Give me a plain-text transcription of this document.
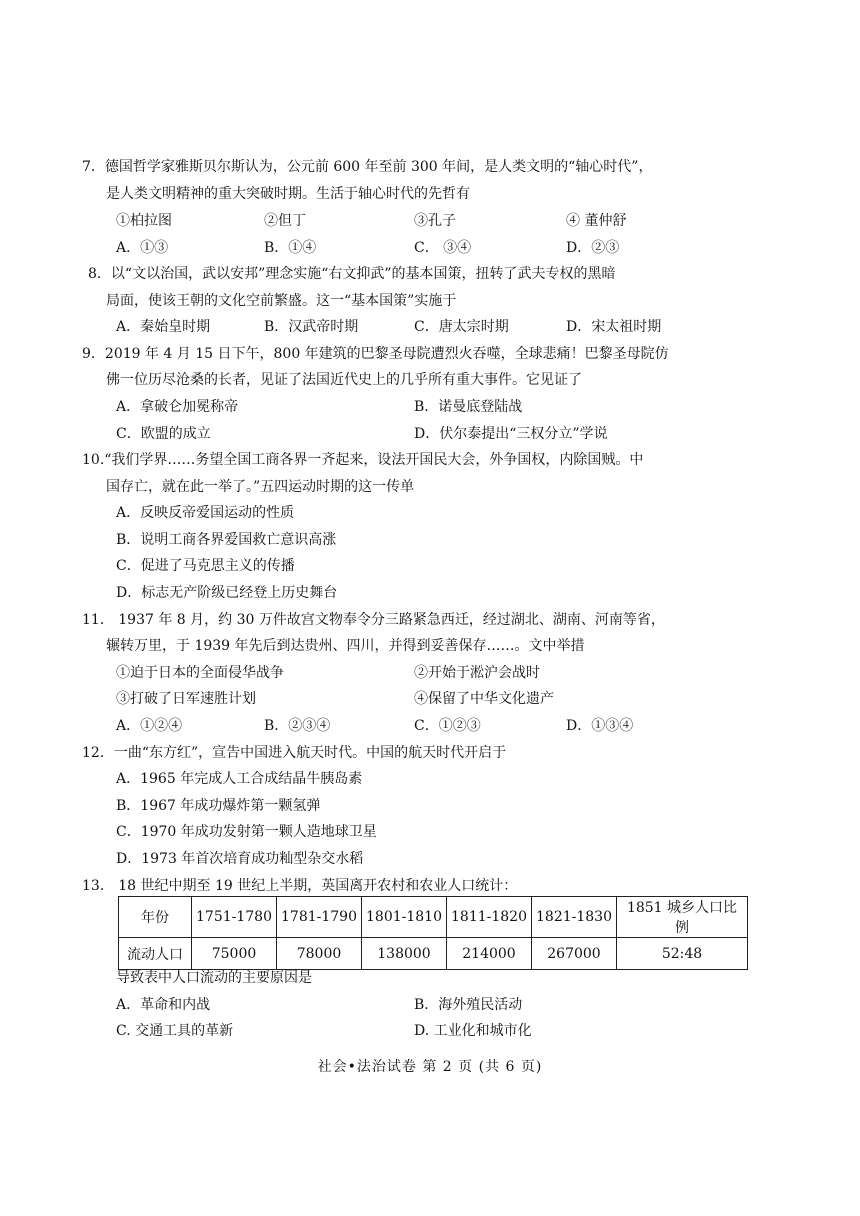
7．德国哲学家雅斯贝尔斯认为，公元前 600 年至前 300 年间，是人类文明的“轴心时代”，
是人类文明精神的重大突破时期。生活于轴心时代的先哲有
①柏拉图	②但丁	③孔子	④ 董仲舒
A．①③	B．①④	C． ③④	D．②③
8．以“文以治国，武以安邦”理念实施“右文抑武”的基本国策，扭转了武夫专权的黑暗
局面，使该王朝的文化空前繁盛。这一“基本国策”实施于
A．秦始皇时期	B．汉武帝时期	C．唐太宗时期	D．宋太祖时期
9．2019 年 4 月 15 日下午，800 年建筑的巴黎圣母院遭烈火吞噬，全球悲痛！巴黎圣母院仿
佛一位历尽沧桑的长者，见证了法国近代史上的几乎所有重大事件。它见证了
A．拿破仑加冕称帝	B．诺曼底登陆战
C．欧盟的成立	D．伏尔泰提出“三权分立”学说
10.“我们学界……务望全国工商各界一齐起来，设法开国民大会，外争国权，内除国贼。中
国存亡，就在此一举了。”五四运动时期的这一传单
A．反映反帝爱国运动的性质
B．说明工商各界爱国救亡意识高涨
C．促进了马克思主义的传播
D．标志无产阶级已经登上历史舞台
11． 1937 年 8 月，约 30 万件故宫文物奉令分三路紧急西迁，经过湖北、湖南、河南等省，
辗转万里，于 1939 年先后到达贵州、四川，并得到妥善保存……。文中举措
①迫于日本的全面侵华战争	②开始于淞沪会战时
③打破了日军速胜计划	④保留了中华文化遗产
A．①②④	B．②③④	C．①②③	D．①③④
12．一曲“东方红”，宣告中国进入航天时代。中国的航天时代开启于
A．1965 年完成人工合成结晶牛胰岛素
B．1967 年成功爆炸第一颗氢弹
C．1970 年成功发射第一颗人造地球卫星
D．1973 年首次培育成功籼型杂交水稻
13． 18 世纪中期至 19 世纪上半期，英国离开农村和农业人口统计：
年份	1751-1780	1781-1790	1801-1810	1811-1820	1821-1830	1851 城乡人口比例
流动人口	75000	78000	138000	214000	267000	52:48
导致表中人口流动的主要原因是
A．革命和内战	B．海外殖民活动
C. 交通工具的革新	D. 工业化和城市化
社会•法治试卷 第 2 页 (共 6 页)
